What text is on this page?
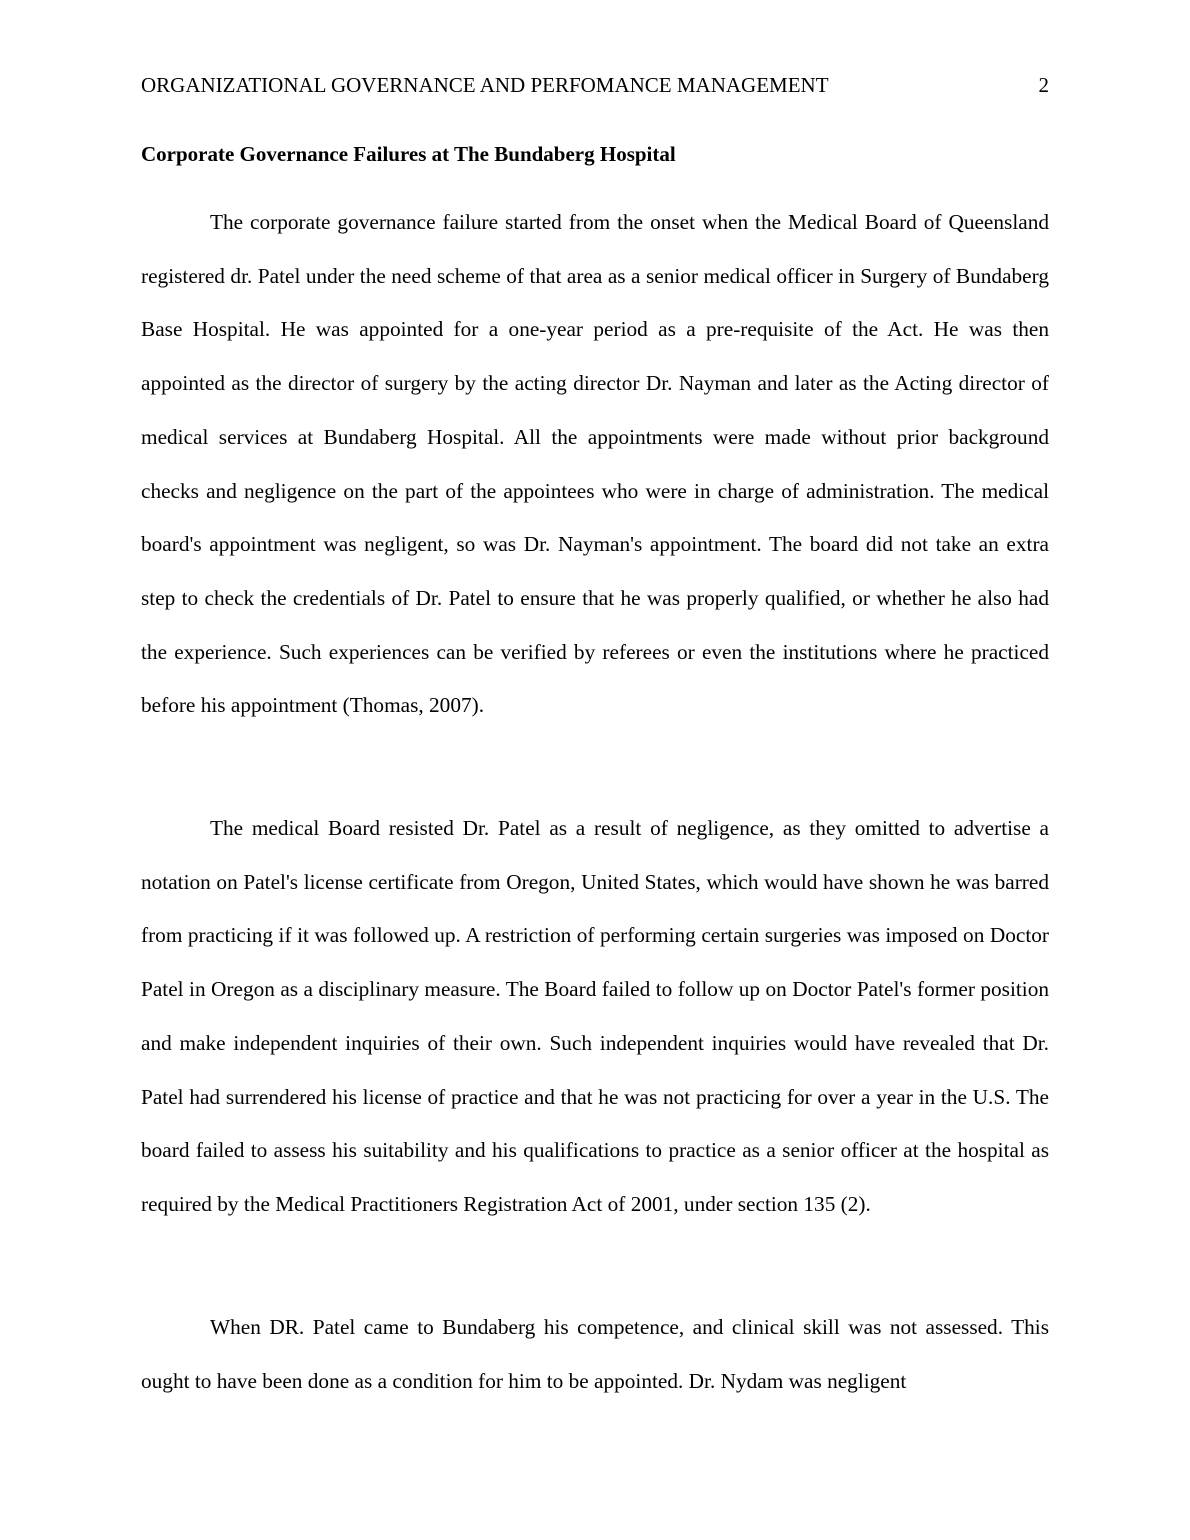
ORGANIZATIONAL GOVERNANCE AND PERFOMANCE MANAGEMENT	2
Corporate Governance Failures at The Bundaberg Hospital

The corporate governance failure started from the onset when the Medical Board of Queensland registered dr. Patel under the need scheme of that area as a senior medical officer in Surgery of Bundaberg Base Hospital. He was appointed for a one-year period as a pre-requisite of the Act. He was then appointed as the director of surgery by the acting director Dr. Nayman and later as the Acting director of medical services at Bundaberg Hospital. All the appointments were made without prior background checks and negligence on the part of the appointees who were in charge of administration. The medical board's appointment was negligent, so was Dr. Nayman's appointment. The board did not take an extra step to check the credentials of Dr. Patel to ensure that he was properly qualified, or whether he also had the experience. Such experiences can be verified by referees or even the institutions where he practiced before his appointment (Thomas, 2007).

The medical Board resisted Dr. Patel as a result of negligence, as they omitted to advertise a notation on Patel's license certificate from Oregon, United States, which would have shown he was barred from practicing if it was followed up. A restriction of performing certain surgeries was imposed on Doctor Patel in Oregon as a disciplinary measure. The Board failed to follow up on Doctor Patel's former position and make independent inquiries of their own. Such independent inquiries would have revealed that Dr. Patel had surrendered his license of practice and that he was not practicing for over a year in the U.S. The board failed to assess his suitability and his qualifications to practice as a senior officer at the hospital as required by the Medical Practitioners Registration Act of 2001, under section 135 (2).

When DR. Patel came to Bundaberg his competence, and clinical skill was not assessed. This ought to have been done as a condition for him to be appointed. Dr. Nydam was negligent
